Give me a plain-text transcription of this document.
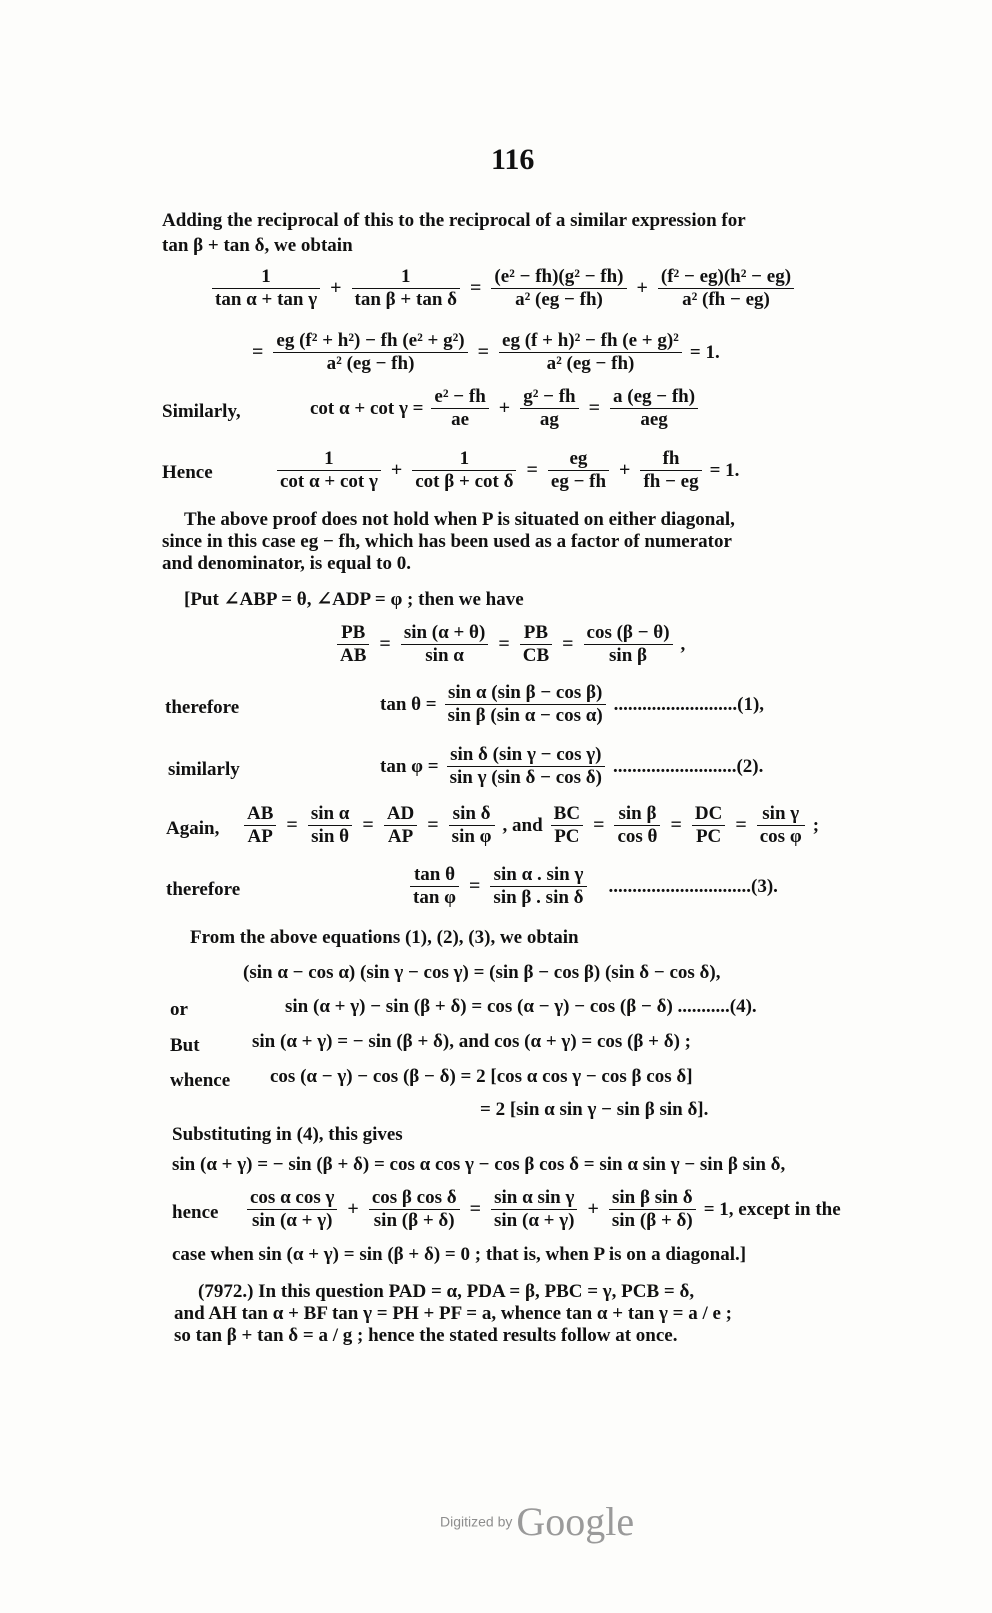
116
Adding the reciprocal of this to the reciprocal of a similar expression for
tan β + tan δ, we obtain
$\frac{1}{\text{tan α + tan γ}} + \frac{1}{\text{tan β + tan δ}} = \frac{\text{(e² − fh)(g² − fh)}}{\text{a² (eg − fh)}} + \frac{\text{(f² − eg)(h² − eg)}}{\text{a² (fh − eg)}}$
= $\frac{\text{eg (f² + h²) − fh (e² + g²)}}{\text{a² (eg − fh)}} = \frac{\text{eg (f + h)² − fh (e + g)²}}{\text{a² (eg − fh)}} = 1$.
Similarly,	$\cot \alpha + \cot \gamma = \frac{\text{e² − fh}}{ae} + \frac{\text{g² − fh}}{ag} = \frac{a (eg - fh)}{\text{aeg}}$
Hence	$\frac{1}{\text{cot α + cot γ}} + \frac{1}{\text{cot β + cot δ}} = \frac{eg}{eg - fh} + \frac{fh}{fh - eg} = 1$.
The above proof does not hold when P is situated on either diagonal,
since in this case eg − fh, which has been used as a factor of numerator
and denominator, is equal to 0.
[Put ∠ABP = θ, ∠ADP = φ ; then we have
$\frac{PB}{AB} = \frac{\sin (\alpha + \theta)}{\text{sin α}} = \frac{PB}{CB} = \frac{\cos (\beta - \theta)}{\text{sin β}}$ ,
therefore	$\tan \theta = \frac{\text{sin α (sin β − cos β)}}{\text{sin β (sin α − cos α)}} ..........................(1)$,
similarly	$\tan \varphi = \frac{\text{sin δ (sin γ − cos γ)}}{\text{sin γ (sin δ − cos δ)}} ..........................(2)$.
Again, $\frac{AB}{AP} = \frac{\text{sin α}}{\text{sin θ}} = \frac{AD}{AP} = \frac{\text{sin δ}}{\text{sin φ}}$ , and $\frac{BC}{PC} = \frac{\text{sin β}}{\text{cos θ}} = \frac{DC}{PC} = \frac{\text{sin γ}}{\text{cos φ}}$ ;
therefore	$\frac{\text{tan θ}}{\text{tan φ}} = \frac{\text{sin α . sin γ}}{\text{sin β . sin δ}} ..............................(3)$.
From the above equations (1), (2), (3), we obtain
(sin α − cos α) (sin γ − cos γ) = (sin β − cos β) (sin δ − cos δ),
or	sin (α + γ) − sin (β + δ) = cos (α − γ) − cos (β − δ) ...........(4).
But	sin (α + γ) = − sin (β + δ), and cos (α + γ) = cos (β + δ) ;
whence cos (α − γ) − cos (β − δ) = 2 [cos α cos γ − cos β cos δ]
= 2 [sin α sin γ − sin β sin δ].
Substituting in (4), this gives
sin (α + γ) = − sin (β + δ) = cos α cos γ − cos β cos δ = sin α sin γ − sin β sin δ,
hence $\frac{\text{cos α cos γ}}{\sin (\alpha + \gamma)} + \frac{\text{cos β cos δ}}{\sin (\beta + \delta)} = \frac{\text{sin α sin γ}}{\sin (\alpha + \gamma)} + \frac{\text{sin β sin δ}}{\sin (\beta + \delta)} = 1$, except in the
case when sin (α + γ) = sin (β + δ) = 0 ; that is, when P is on a diagonal.]
(7972.) In this question PAD = α, PDA = β, PBC = γ, PCB = δ,
and AH tan α + BF tan γ = PH + PF = a, whence tan α + tan γ = a / e ;
so tan β + tan δ = a / g ; hence the stated results follow at once.
Digitized by Google
